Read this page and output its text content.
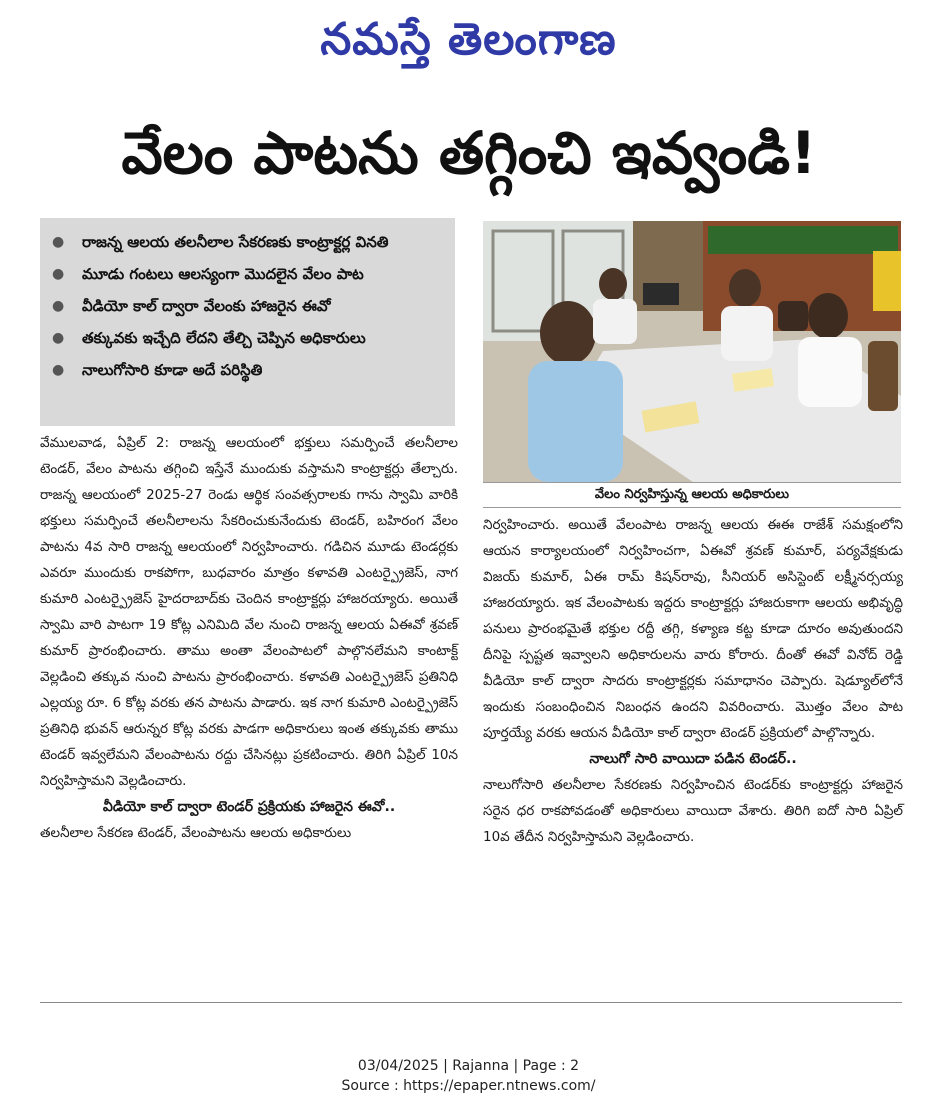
నమస్తే తెలంగాణ
వేలం పాటను తగ్గించి ఇవ్వండి!
● రాజన్న ఆలయ తలనీలాల సేకరణకు కాంట్రాక్టర్ల వినతి
● మూడు గంటలు ఆలస్యంగా మొదలైన వేలం పాట
● వీడియో కాల్ ద్వారా వేలంకు హాజరైన ఈవో
● తక్కువకు ఇచ్చేది లేదని తేల్చి చెప్పిన అధికారులు
● నాలుగోసారి కూడా అదే పరిస్థితి
వేలం నిర్వహిస్తున్న ఆలయ అధికారులు

వేములవాడ, ఏప్రిల్ 2: రాజన్న ఆలయంలో భక్తులు సమర్పించే తలనీలాల టెండర్, వేలం పాటను తగ్గించి ఇస్తేనే ముందుకు వస్తామని కాంట్రాక్టర్లు తేల్చారు. రాజన్న ఆలయంలో 2025-27 రెండు ఆర్థిక సంవత్సరాలకు గాను స్వామి వారికి భక్తులు సమర్పించే తలనీలాలను సేకరించుకునేందుకు టెండర్, బహిరంగ వేలం పాటను 4వ సారి రాజన్న ఆలయంలో నిర్వహించారు. గడిచిన మూడు టెండర్లకు ఎవరూ ముందుకు రాకపోగా, బుధవారం మాత్రం కళావతి ఎంటర్ప్రైజెస్, నాగ కుమారి ఎంటర్ప్రైజెస్ హైదరాబాద్‌కు చెందిన కాంట్రాక్టర్లు హాజరయ్యారు. అయితే స్వామి వారి పాటగా 19 కోట్ల ఎనిమిది వేల నుంచి రాజన్న ఆలయ ఏఈవో శ్రవణ్ కుమార్ ప్రారంభించారు. తాము అంతా వేలంపాటలో పాల్గొనలేమని కాంటాక్ట్ వెల్లడించి తక్కువ నుంచి పాటను ప్రారంభించారు. కళావతి ఎంటర్ప్రైజెస్ ప్రతినిధి ఎల్లయ్య రూ. 6 కోట్ల వరకు తన పాటను పాడారు. ఇక నాగ కుమారి ఎంటర్ప్రైజెస్ ప్రతినిధి భువన్ ఆరున్నర కోట్ల వరకు పాడగా అధికారులు ఇంత తక్కువకు తాము టెండర్ ఇవ్వలేమని వేలంపాటను రద్దు చేసినట్లు ప్రకటించారు. తిరిగి ఏప్రిల్ 10న నిర్వహిస్తామని వెల్లడించారు.

వీడియో కాల్ ద్వారా టెండర్ ప్రక్రియకు హాజరైన ఈవో..

తలనీలాల సేకరణ టెండర్, వేలంపాటను ఆలయ అధికారులు

నిర్వహించారు. అయితే వేలంపాట రాజన్న ఆలయ ఈఈ రాజేశ్ సమక్షంలోని ఆయన కార్యాలయంలో నిర్వహించగా, ఏఈవో శ్రవణ్ కుమార్, పర్యవేక్షకుడు విజయ్ కుమార్, ఏఈ రామ్ కిషన్‌రావు, సీనియర్ అసిస్టెంట్ లక్ష్మీనర్సయ్య హాజరయ్యారు. ఇక వేలంపాటకు ఇద్దరు కాంట్రాక్టర్లు హాజరుకాగా ఆలయ అభివృద్ధి పనులు ప్రారంభమైతే భక్తుల రద్దీ తగ్గి, కళ్యాణ కట్ట కూడా దూరం అవుతుందని దీనిపై స్పష్టత ఇవ్వాలని అధికారులను వారు కోరారు. దీంతో ఈవో వినోద్ రెడ్డి వీడియో కాల్ ద్వారా సాదరు కాంట్రాక్టర్లకు సమాధానం చెప్పారు. షెడ్యూల్‌లోనే ఇందుకు సంబంధించిన నిబంధన ఉందని వివరించారు. మొత్తం వేలం పాట పూర్తయ్యే వరకు ఆయన వీడియో కాల్ ద్వారా టెండర్ ప్రక్రియలో పాల్గొన్నారు.

నాలుగో సారి వాయిదా పడిన టెండర్..

నాలుగోసారి తలనీలాల సేకరణకు నిర్వహించిన టెండర్‌కు కాంట్రాక్టర్లు హాజరైన సరైన ధర రాకపోవడంతో అధికారులు వాయిదా వేశారు. తిరిగి ఐదో సారి ఏప్రిల్ 10వ తేదీన నిర్వహిస్తామని వెల్లడించారు.

03/04/2025 | Rajanna | Page : 2
Source : https://epaper.ntnews.com/
